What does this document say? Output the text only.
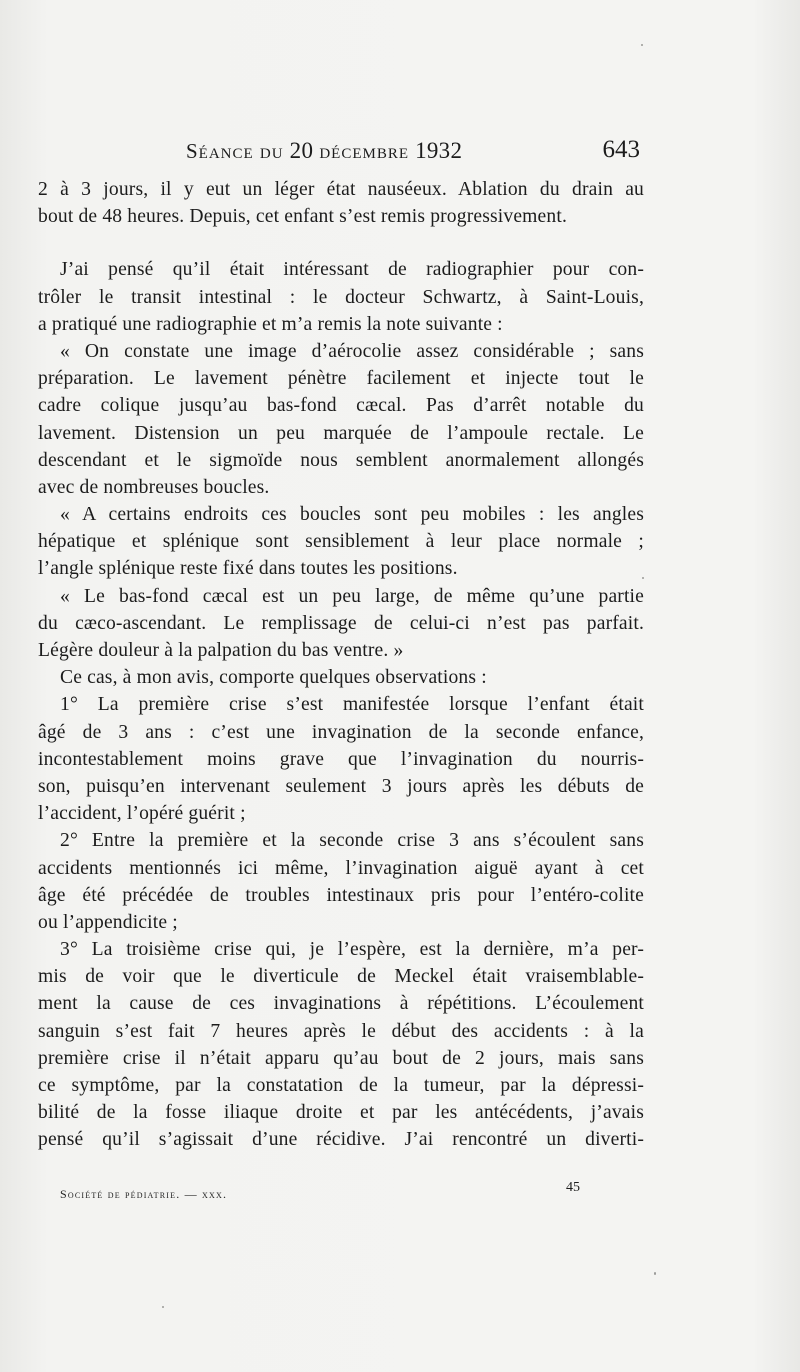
Séance du 20 décembre 1932	643
2 à 3 jours, il y eut un léger état nauséeux. Ablation du drain au
bout de 48 heures. Depuis, cet enfant s’est remis progressivement.
J’ai pensé qu’il était intéressant de radiographier pour con-
trôler le transit intestinal : le docteur Schwartz, à Saint-Louis,
a pratiqué une radiographie et m’a remis la note suivante :
« On constate une image d’aérocolie assez considérable ; sans
préparation. Le lavement pénètre facilement et injecte tout le
cadre colique jusqu’au bas-fond cæcal. Pas d’arrêt notable du
lavement. Distension un peu marquée de l’ampoule rectale. Le
descendant et le sigmoïde nous semblent anormalement allongés
avec de nombreuses boucles.
« A certains endroits ces boucles sont peu mobiles : les angles
hépatique et splénique sont sensiblement à leur place normale ;
l’angle splénique reste fixé dans toutes les positions.
« Le bas-fond cæcal est un peu large, de même qu’une partie
du cæco-ascendant. Le remplissage de celui-ci n’est pas parfait.
Légère douleur à la palpation du bas ventre. »
Ce cas, à mon avis, comporte quelques observations :
1° La première crise s’est manifestée lorsque l’enfant était
âgé de 3 ans : c’est une invagination de la seconde enfance,
incontestablement moins grave que l’invagination du nourris-
son, puisqu’en intervenant seulement 3 jours après les débuts de
l’accident, l’opéré guérit ;
2° Entre la première et la seconde crise 3 ans s’écoulent sans
accidents mentionnés ici même, l’invagination aiguë ayant à cet
âge été précédée de troubles intestinaux pris pour l’entéro-colite
ou l’appendicite ;
3° La troisième crise qui, je l’espère, est la dernière, m’a per-
mis de voir que le diverticule de Meckel était vraisemblable-
ment la cause de ces invaginations à répétitions. L’écoulement
sanguin s’est fait 7 heures après le début des accidents : à la
première crise il n’était apparu qu’au bout de 2 jours, mais sans
ce symptôme, par la constatation de la tumeur, par la dépressi-
bilité de la fosse iliaque droite et par les antécédents, j’avais
pensé qu’il s’agissait d’une récidive. J’ai rencontré un diverti-
Société de pédiatrie. — xxx.	45
